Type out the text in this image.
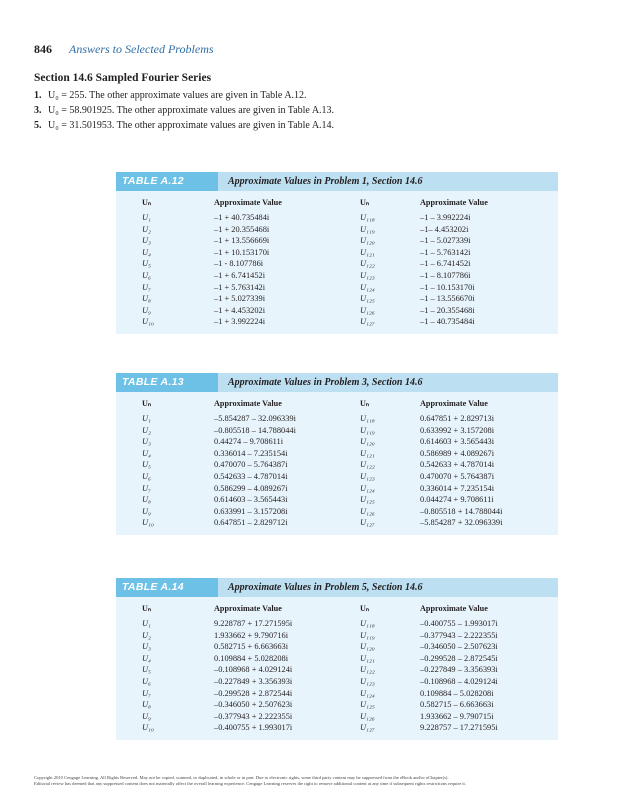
846 Answers to Selected Problems
Section 14.6 Sampled Fourier Series

1. U₀ = 255. The other approximate values are given in Table A.12.

3. U₀ = 58.901925. The other approximate values are given in Table A.13.

5. U₀ = 31.501953. The other approximate values are given in Table A.14.

TABLE A.12	Approximate Values in Problem 1, Section 14.6
Uₙ	Approximate Value	Uₙ	Approximate Value
U₁	–1 + 40.735484i	U₁₁₈	–1 – 3.992224i
U₂	–1 + 20.355468i	U₁₁₉	–1– 4.453202i
U₃	–1 + 13.556669i	U₁₂₀	–1 – 5.027339i
U₄	–1 + 10.153170i	U₁₂₁	–1 – 5.763142i
U₅	–1 - 8.107786i	U₁₂₂	–1 – 6.741452i
U₆	–1 + 6.741452i	U₁₂₃	–1 – 8.107786i
U₇	–1 + 5.763142i	U₁₂₄	–1 – 10.153170i
U₈	–1 + 5.027339i	U₁₂₅	–1 – 13.556670i
U₉	–1 + 4.453202i	U₁₂₆	–1 – 20.355468i
U₁₀	–1 + 3.992224i	U₁₂₇	–1 – 40.735484i
TABLE A.13	Approximate Values in Problem 3, Section 14.6
Uₙ	Approximate Value	Uₙ	Approximate Value
U₁	–5.854287 – 32.096339i	U₁₁₈	0.647851 + 2.829713i
U₂	–0.805518 – 14.788044i	U₁₁₉	0.633992 + 3.157208i
U₃	0.44274 – 9.708611i	U₁₂₀	0.614603 + 3.565443i
U₄	0.336014 – 7.235154i	U₁₂₁	0.586989 + 4.089267i
U₅	0.470070 – 5.764387i	U₁₂₂	0.542633 + 4.787014i
U₆	0.542633 – 4.787014i	U₁₂₃	0.470070 + 5.764387i
U₇	0.586299 – 4.089267i	U₁₂₄	0.336014 + 7.235154i
U₈	0.614603 – 3.565443i	U₁₂₅	0.044274 + 9.708611i
U₉	0.633991 – 3.157208i	U₁₂₆	–0.805518 + 14.788044i
U₁₀	0.647851 – 2.829712i	U₁₂₇	–5.854287 + 32.096339i
TABLE A.14	Approximate Values in Problem 5, Section 14.6
Uₙ	Approximate Value	Uₙ	Approximate Value
U₁	9.228787 + 17.271595i	U₁₁₈	–0.400755 – 1.993017i
U₂	1.933662 + 9.790716i	U₁₁₉	–0.377943 – 2.222355i
U₃	0.582715 + 6.663663i	U₁₂₀	–0.346050 – 2.507623i
U₄	0.109884 + 5.028208i	U₁₂₁	–0.299528 – 2.872545i
U₅	–0.108968 + 4.029124i	U₁₂₂	–0.227849 – 3.356393i
U₆	–0.227849 + 3.356393i	U₁₂₃	–0.108968 – 4.029124i
U₇	–0.299528 + 2.872544i	U₁₂₄	0.109884 – 5.028208i
U₈	–0.346050 + 2.507623i	U₁₂₅	0.582715 – 6.663663i
U₉	–0.377943 + 2.222355i	U₁₂₆	1.933662 – 9.790715i
U₁₀	–0.400755 + 1.993017i	U₁₂₇	9.228757 – 17.271595i
Copyright 2010 Cengage Learning. All Rights Reserved. May not be copied, scanned, or duplicated, in whole or in part. Due to electronic rights, some third party content may be suppressed from the eBook and/or eChapter(s).
Editorial review has deemed that any suppressed content does not materially affect the overall learning experience. Cengage Learning reserves the right to remove additional content at any time if subsequent rights restrictions require it.
